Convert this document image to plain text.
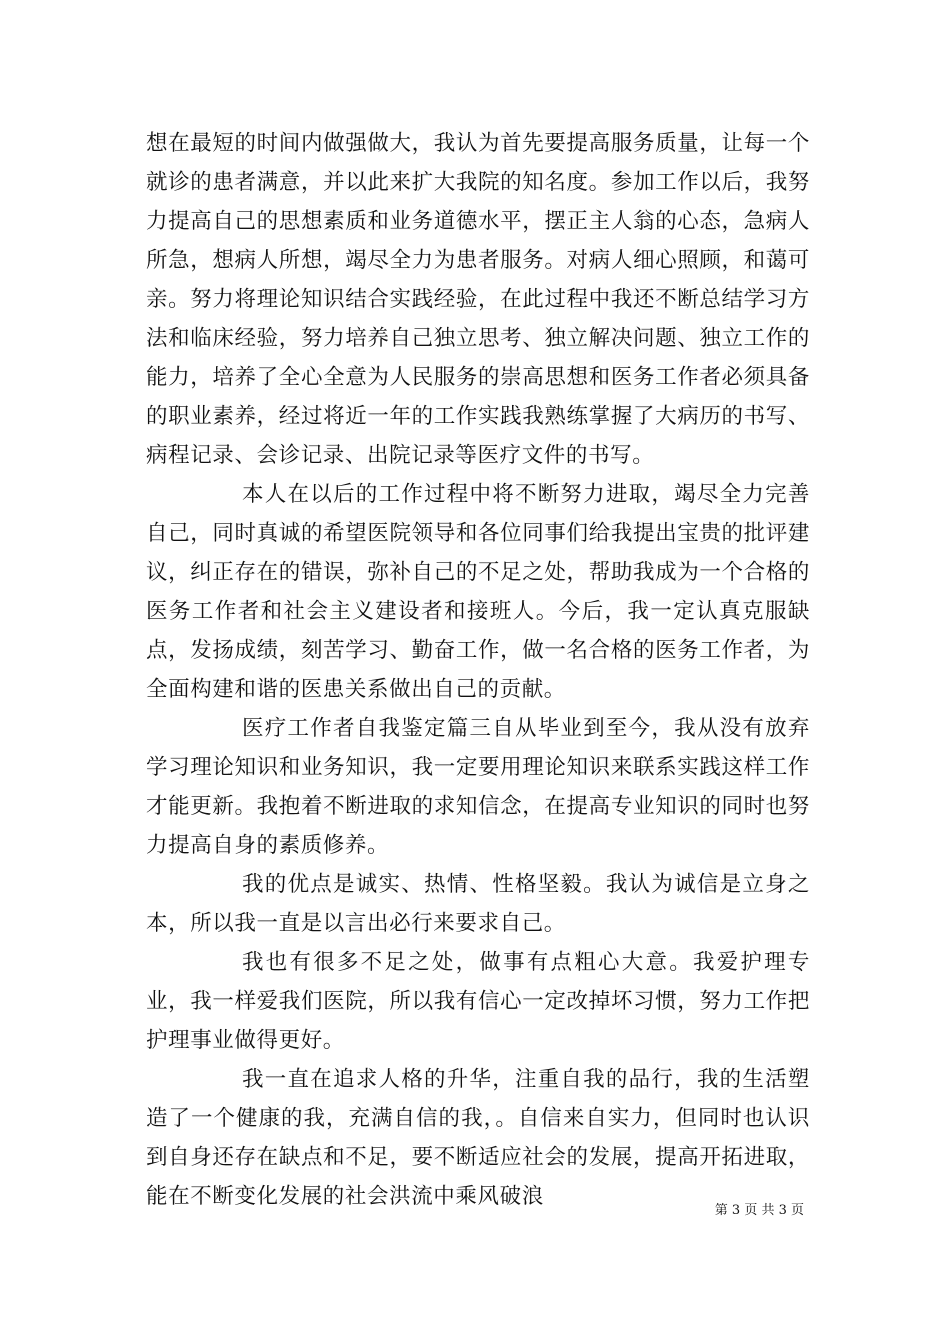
想在最短的时间内做强做大，我认为首先要提高服务质量，让每一个就诊的患者满意，并以此来扩大我院的知名度。参加工作以后，我努力提高自己的思想素质和业务道德水平，摆正主人翁的心态，急病人所急，想病人所想，竭尽全力为患者服务。对病人细心照顾，和蔼可亲。努力将理论知识结合实践经验，在此过程中我还不断总结学习方法和临床经验，努力培养自己独立思考、独立解决问题、独立工作的能力，培养了全心全意为人民服务的崇高思想和医务工作者必须具备的职业素养，经过将近一年的工作实践我熟练掌握了大病历的书写、病程记录、会诊记录、出院记录等医疗文件的书写。

本人在以后的工作过程中将不断努力进取，竭尽全力完善自己，同时真诚的希望医院领导和各位同事们给我提出宝贵的批评建议，纠正存在的错误，弥补自己的不足之处，帮助我成为一个合格的医务工作者和社会主义建设者和接班人。今后，我一定认真克服缺点，发扬成绩，刻苦学习、勤奋工作，做一名合格的医务工作者，为全面构建和谐的医患关系做出自己的贡献。

医疗工作者自我鉴定篇三自从毕业到至今，我从没有放弃学习理论知识和业务知识，我一定要用理论知识来联系实践这样工作才能更新。我抱着不断进取的求知信念，在提高专业知识的同时也努力提高自身的素质修养。

我的优点是诚实、热情、性格坚毅。我认为诚信是立身之本，所以我一直是以言出必行来要求自己。

我也有很多不足之处，做事有点粗心大意。我爱护理专业，我一样爱我们医院，所以我有信心一定改掉坏习惯，努力工作把护理事业做得更好。

我一直在追求人格的升华，注重自我的品行，我的生活塑造了一个健康的我，充满自信的我，。自信来自实力，但同时也认识到自身还存在缺点和不足，要不断适应社会的发展，提高开拓进取，能在不断变化发展的社会洪流中乘风破浪

第 3 页 共 3 页
